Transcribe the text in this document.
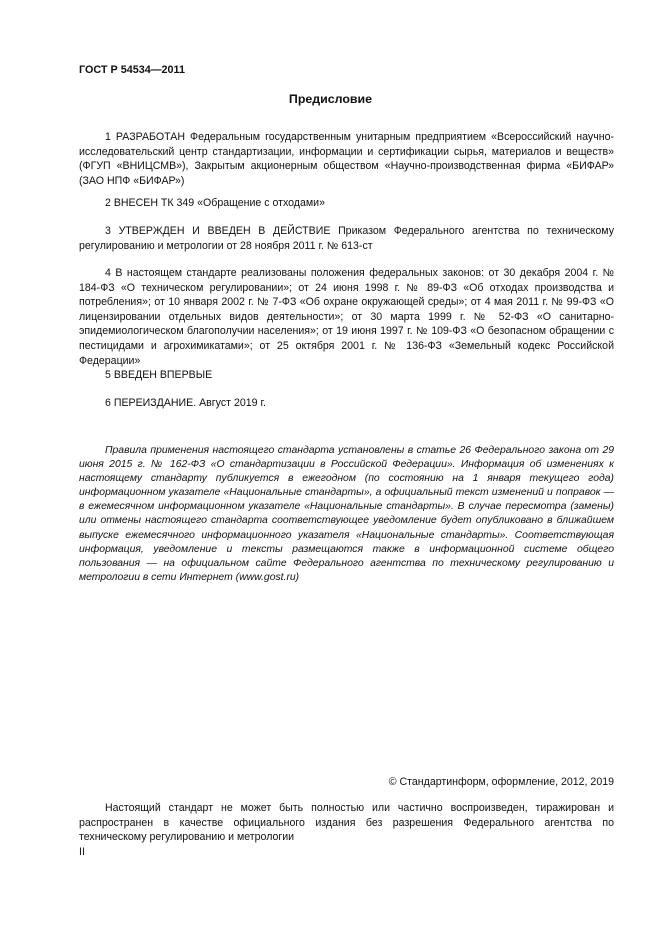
ГОСТ Р 54534—2011
Предисловие
1 РАЗРАБОТАН Федеральным государственным унитарным предприятием «Всероссийский научно-исследовательский центр стандартизации, информации и сертификации сырья, материалов и веществ» (ФГУП «ВНИЦСМВ»), Закрытым акционерным обществом «Научно-производственная фирма «БИФАР» (ЗАО НПФ «БИФАР»)
2 ВНЕСЕН ТК 349 «Обращение с отходами»
3 УТВЕРЖДЕН И ВВЕДЕН В ДЕЙСТВИЕ Приказом Федерального агентства по техническому регулированию и метрологии от 28 ноября 2011 г. № 613-ст
4 В настоящем стандарте реализованы положения федеральных законов: от 30 декабря 2004 г. № 184-ФЗ «О техническом регулировании»; от 24 июня 1998 г. № 89-ФЗ «Об отходах производства и потребления»; от 10 января 2002 г. № 7-ФЗ «Об охране окружающей среды»; от 4 мая 2011 г. № 99-ФЗ «О лицензировании отдельных видов деятельности»; от 30 марта 1999 г. № 52-ФЗ «О санитарно-эпидемиологическом благополучии населения»; от 19 июня 1997 г. № 109-ФЗ «О безопасном обращении с пестицидами и агрохимикатами»; от 25 октября 2001 г. № 136-ФЗ «Земельный кодекс Российской Федерации»
5 ВВЕДЕН ВПЕРВЫЕ
6 ПЕРЕИЗДАНИЕ. Август 2019 г.
Правила применения настоящего стандарта установлены в статье 26 Федерального закона от 29 июня 2015 г. № 162-ФЗ «О стандартизации в Российской Федерации». Информация об изменениях к настоящему стандарту публикуется в ежегодном (по состоянию на 1 января текущего года) информационном указателе «Национальные стандарты», а официальный текст изменений и поправок — в ежемесячном информационном указателе «Национальные стандарты». В случае пересмотра (замены) или отмены настоящего стандарта соответствующее уведомление будет опубликовано в ближайшем выпуске ежемесячного информационного указателя «Национальные стандарты». Соответствующая информация, уведомление и тексты размещаются также в информационной системе общего пользования — на официальном сайте Федерального агентства по техническому регулированию и метрологии в сети Интернет (www.gost.ru)
© Стандартинформ, оформление, 2012, 2019
Настоящий стандарт не может быть полностью или частично воспроизведен, тиражирован и распространен в качестве официального издания без разрешения Федерального агентства по техническому регулированию и метрологии
II
